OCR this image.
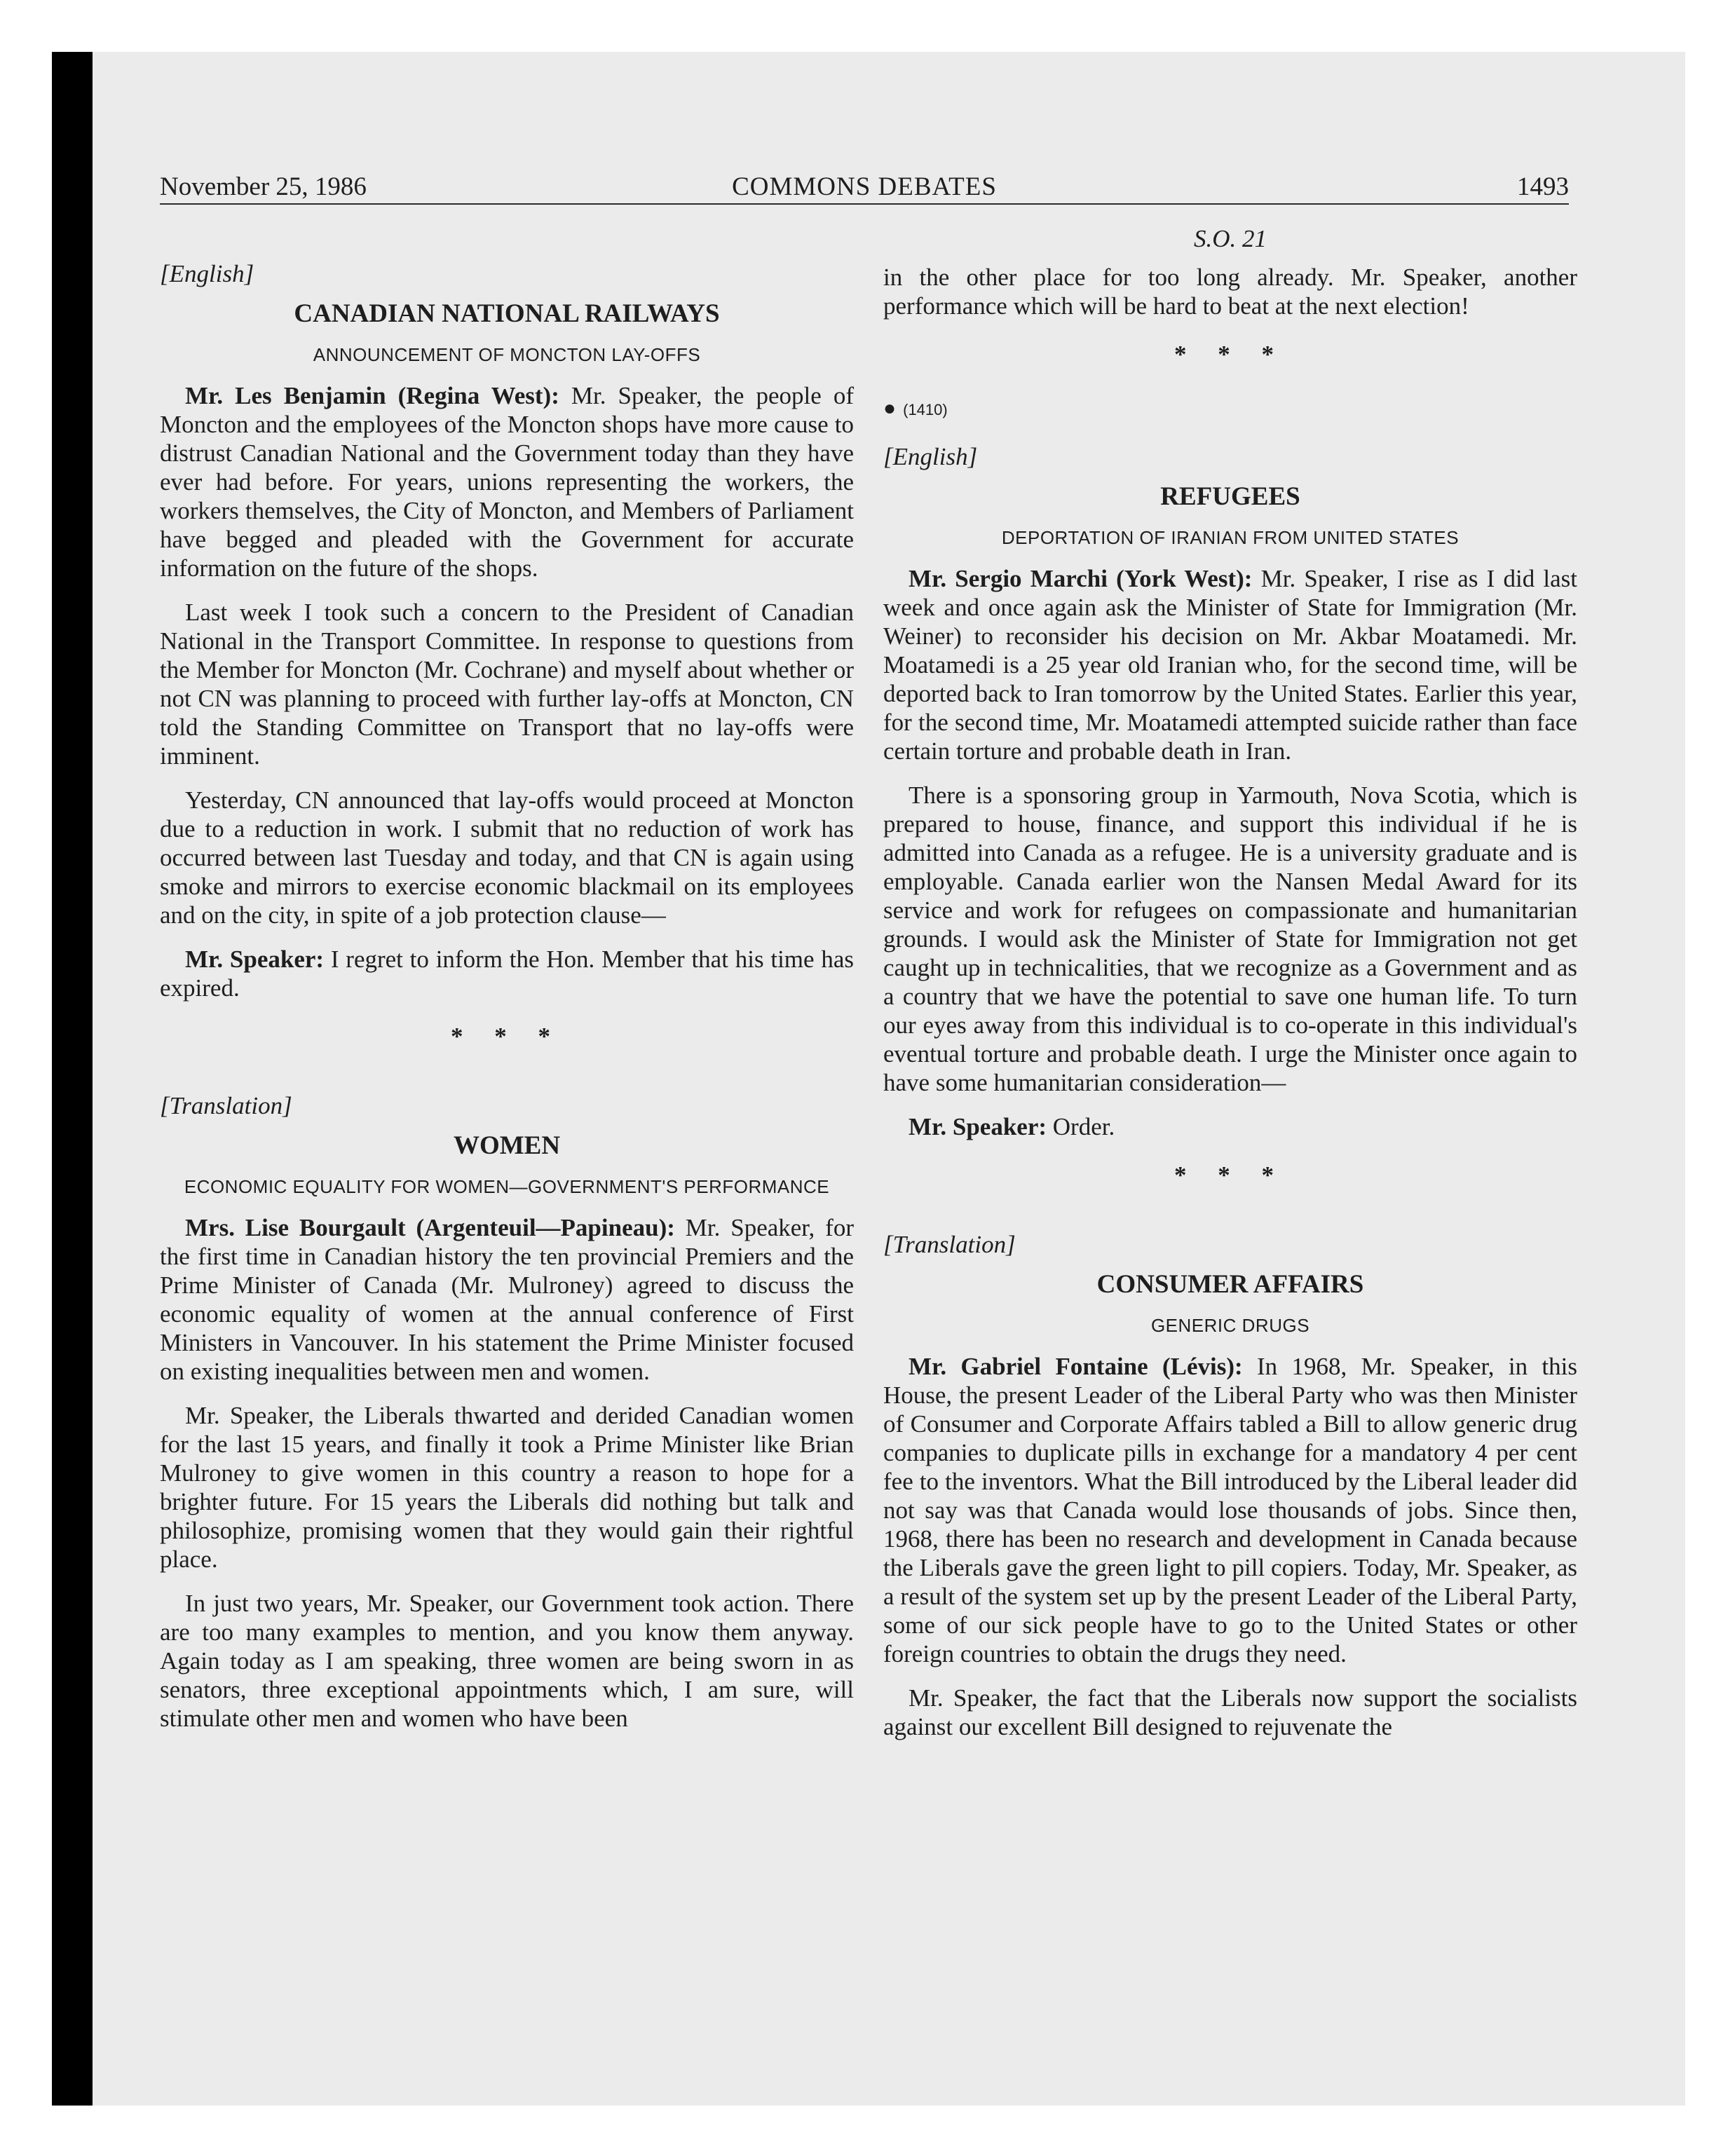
November 25, 1986	COMMONS DEBATES	1493

[English]

CANADIAN NATIONAL RAILWAYS
ANNOUNCEMENT OF MONCTON LAY-OFFS

Mr. Les Benjamin (Regina West): Mr. Speaker, the people of Moncton and the employees of the Moncton shops have more cause to distrust Canadian National and the Government today than they have ever had before. For years, unions representing the workers, the workers themselves, the City of Moncton, and Members of Parliament have begged and pleaded with the Government for accurate information on the future of the shops.

Last week I took such a concern to the President of Canadian National in the Transport Committee. In response to questions from the Member for Moncton (Mr. Cochrane) and myself about whether or not CN was planning to proceed with further lay-offs at Moncton, CN told the Standing Committee on Transport that no lay-offs were imminent.

Yesterday, CN announced that lay-offs would proceed at Moncton due to a reduction in work. I submit that no reduction of work has occurred between last Tuesday and today, and that CN is again using smoke and mirrors to exercise economic blackmail on its employees and on the city, in spite of a job protection clause—

Mr. Speaker: I regret to inform the Hon. Member that his time has expired.

* * *

[Translation]

WOMEN
ECONOMIC EQUALITY FOR WOMEN—GOVERNMENT'S PERFORMANCE

Mrs. Lise Bourgault (Argenteuil—Papineau): Mr. Speaker, for the first time in Canadian history the ten provincial Premiers and the Prime Minister of Canada (Mr. Mulroney) agreed to discuss the economic equality of women at the annual conference of First Ministers in Vancouver. In his statement the Prime Minister focused on existing inequalities between men and women.

Mr. Speaker, the Liberals thwarted and derided Canadian women for the last 15 years, and finally it took a Prime Minister like Brian Mulroney to give women in this country a reason to hope for a brighter future. For 15 years the Liberals did nothing but talk and philosophize, promising women that they would gain their rightful place.

In just two years, Mr. Speaker, our Government took action. There are too many examples to mention, and you know them anyway. Again today as I am speaking, three women are being sworn in as senators, three exceptional appointments which, I am sure, will stimulate other men and women who have been

S.O. 21

in the other place for too long already. Mr. Speaker, another performance which will be hard to beat at the next election!

* * *
● (1410)

[English]

REFUGEES
DEPORTATION OF IRANIAN FROM UNITED STATES

Mr. Sergio Marchi (York West): Mr. Speaker, I rise as I did last week and once again ask the Minister of State for Immigration (Mr. Weiner) to reconsider his decision on Mr. Akbar Moatamedi. Mr. Moatamedi is a 25 year old Iranian who, for the second time, will be deported back to Iran tomorrow by the United States. Earlier this year, for the second time, Mr. Moatamedi attempted suicide rather than face certain torture and probable death in Iran.

There is a sponsoring group in Yarmouth, Nova Scotia, which is prepared to house, finance, and support this individual if he is admitted into Canada as a refugee. He is a university graduate and is employable. Canada earlier won the Nansen Medal Award for its service and work for refugees on compassionate and humanitarian grounds. I would ask the Minister of State for Immigration not get caught up in technicalities, that we recognize as a Government and as a country that we have the potential to save one human life. To turn our eyes away from this individual is to co-operate in this individual's eventual torture and probable death. I urge the Minister once again to have some humanitarian consideration—

Mr. Speaker: Order.

* * *

[Translation]

CONSUMER AFFAIRS
GENERIC DRUGS

Mr. Gabriel Fontaine (Lévis): In 1968, Mr. Speaker, in this House, the present Leader of the Liberal Party who was then Minister of Consumer and Corporate Affairs tabled a Bill to allow generic drug companies to duplicate pills in exchange for a mandatory 4 per cent fee to the inventors. What the Bill introduced by the Liberal leader did not say was that Canada would lose thousands of jobs. Since then, 1968, there has been no research and development in Canada because the Liberals gave the green light to pill copiers. Today, Mr. Speaker, as a result of the system set up by the present Leader of the Liberal Party, some of our sick people have to go to the United States or other foreign countries to obtain the drugs they need.

Mr. Speaker, the fact that the Liberals now support the socialists against our excellent Bill designed to rejuvenate the
